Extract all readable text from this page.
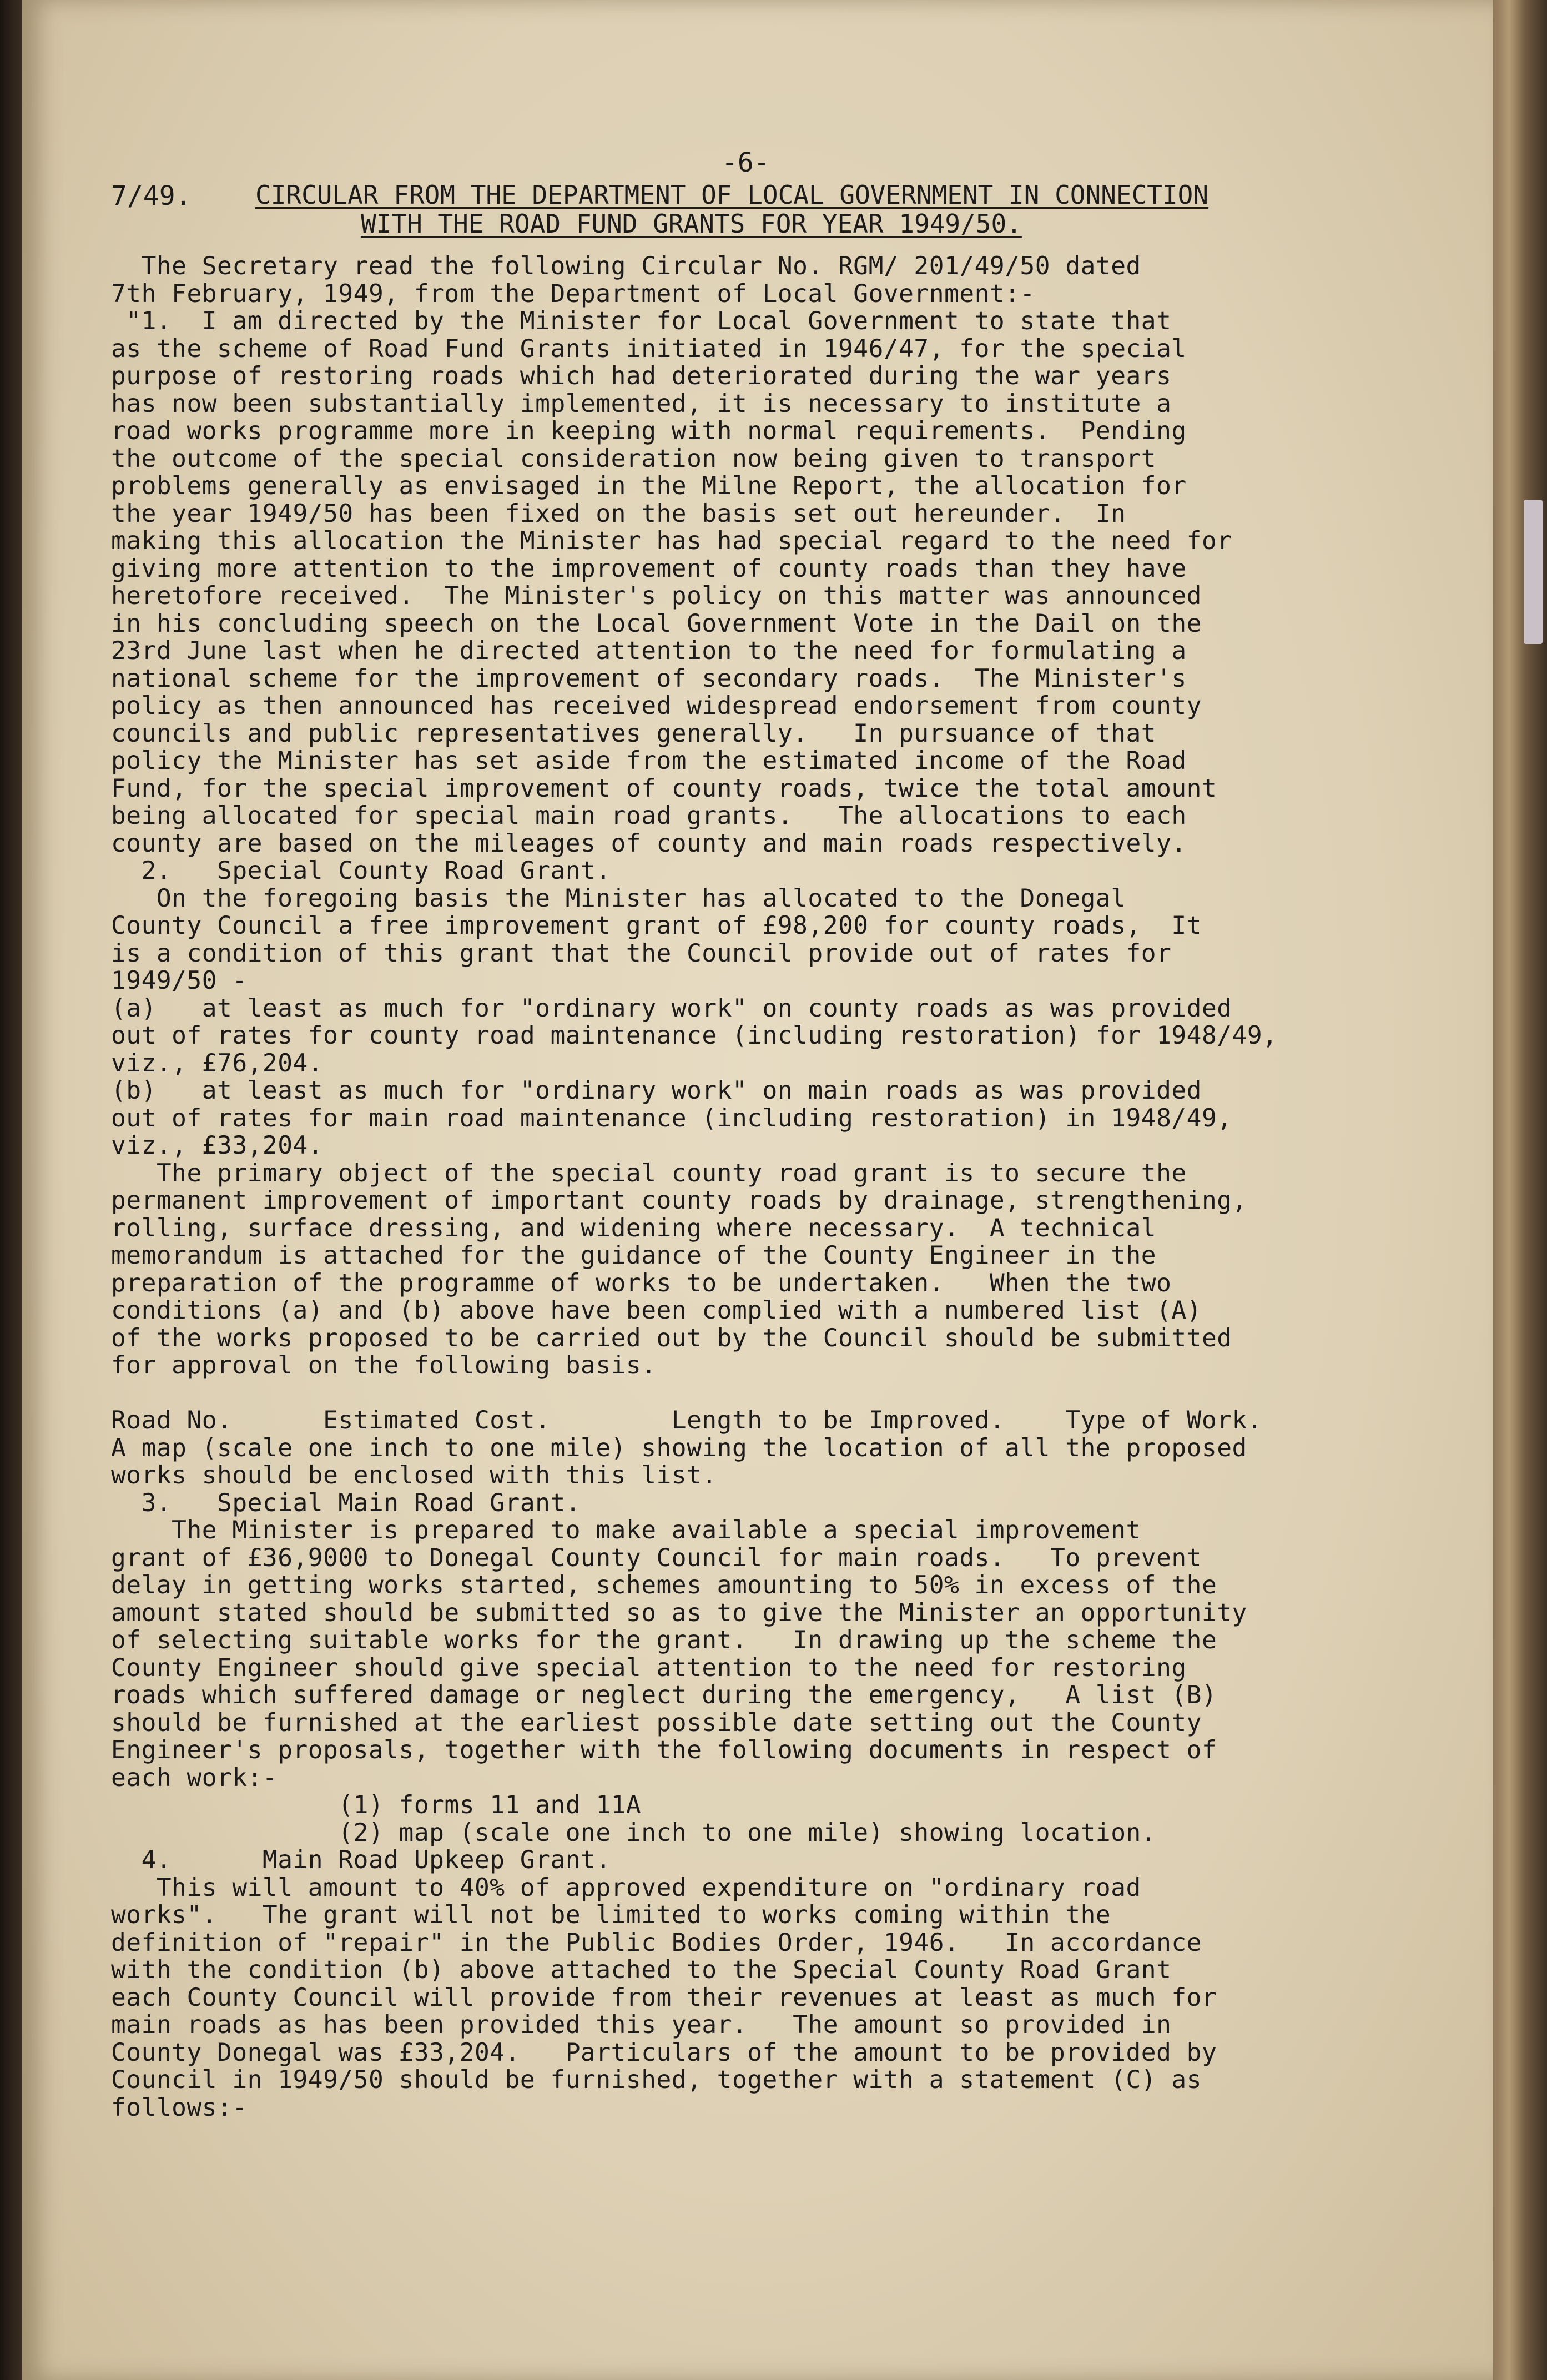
-6-
7/49.	CIRCULAR FROM THE DEPARTMENT OF LOCAL GOVERNMENT IN CONNECTION
WITH THE ROAD FUND GRANTS FOR YEAR 1949/50.
The Secretary read the following Circular No. RGM/ 201/49/50 dated
7th February, 1949, from the Department of Local Government:-
"1.  I am directed by the Minister for Local Government to state that
as the scheme of Road Fund Grants initiated in 1946/47, for the special
purpose of restoring roads which had deteriorated during the war years
has now been substantially implemented, it is necessary to institute a
road works programme more in keeping with normal requirements.  Pending
the outcome of the special consideration now being given to transport
problems generally as envisaged in the Milne Report, the allocation for
the year 1949/50 has been fixed on the basis set out hereunder.  In
making this allocation the Minister has had special regard to the need for
giving more attention to the improvement of county roads than they have
heretofore received.  The Minister's policy on this matter was announced
in his concluding speech on the Local Government Vote in the Dail on the
23rd June last when he directed attention to the need for formulating a
national scheme for the improvement of secondary roads.  The Minister's
policy as then announced has received widespread endorsement from county
councils and public representatives generally.   In pursuance of that
policy the Minister has set aside from the estimated income of the Road
Fund, for the special improvement of county roads, twice the total amount
being allocated for special main road grants.   The allocations to each
county are based on the mileages of county and main roads respectively.
2.   Special County Road Grant.
On the foregoing basis the Minister has allocated to the Donegal
County Council a free improvement grant of £98,200 for county roads,  It
is a condition of this grant that the Council provide out of rates for
1949/50 -
(a)   at least as much for "ordinary work" on county roads as was provided
out of rates for county road maintenance (including restoration) for 1948/49,
viz., £76,204.
(b)   at least as much for "ordinary work" on main roads as was provided
out of rates for main road maintenance (including restoration) in 1948/49,
viz., £33,204.
The primary object of the special county road grant is to secure the
permanent improvement of important county roads by drainage, strengthening,
rolling, surface dressing, and widening where necessary.  A technical
memorandum is attached for the guidance of the County Engineer in the
preparation of the programme of works to be undertaken.   When the two
conditions (a) and (b) above have been complied with a numbered list (A)
of the works proposed to be carried out by the Council should be submitted
for approval on the following basis.
Road No.      Estimated Cost.        Length to be Improved.    Type of Work.
A map (scale one inch to one mile) showing the location of all the proposed
works should be enclosed with this list.
3.   Special Main Road Grant.
The Minister is prepared to make available a special improvement
grant of £36,9000 to Donegal County Council for main roads.   To prevent
delay in getting works started, schemes amounting to 50% in excess of the
amount stated should be submitted so as to give the Minister an opportunity
of selecting suitable works for the grant.   In drawing up the scheme the
County Engineer should give special attention to the need for restoring
roads which suffered damage or neglect during the emergency,   A list (B)
should be furnished at the earliest possible date setting out the County
Engineer's proposals, together with the following documents in respect of
each work:-
(1) forms 11 and 11A
(2) map (scale one inch to one mile) showing location.
4.      Main Road Upkeep Grant.
This will amount to 40% of approved expenditure on "ordinary road
works".   The grant will not be limited to works coming within the
definition of "repair" in the Public Bodies Order, 1946.   In accordance
with the condition (b) above attached to the Special County Road Grant
each County Council will provide from their revenues at least as much for
main roads as has been provided this year.   The amount so provided in
County Donegal was £33,204.   Particulars of the amount to be provided by
Council in 1949/50 should be furnished, together with a statement (C) as
follows:-
